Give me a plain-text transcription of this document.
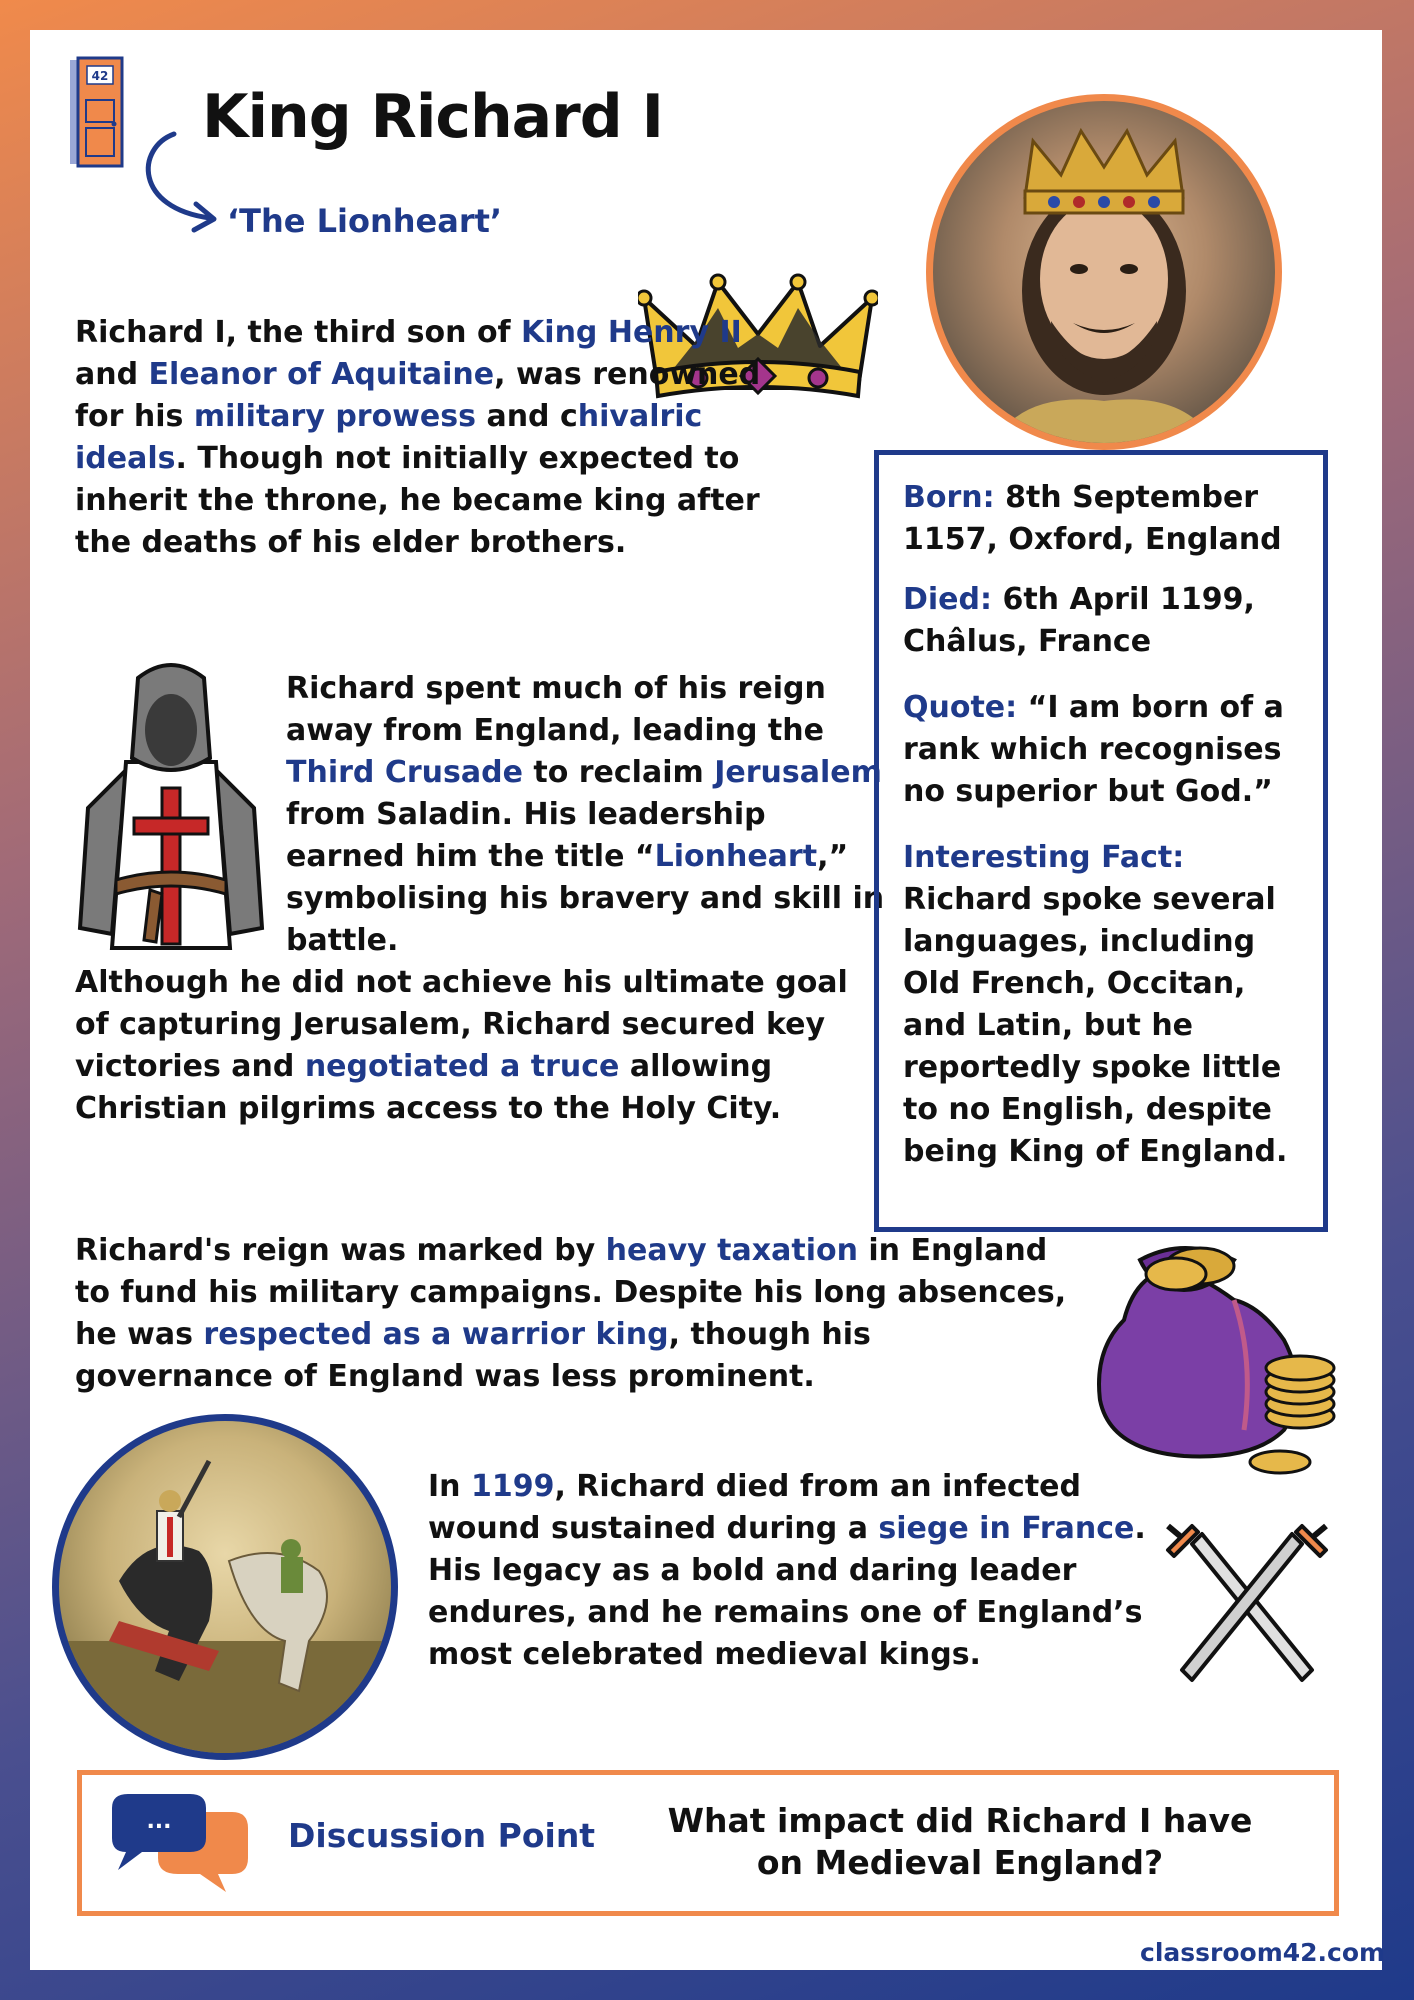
42
King Richard I
‘The Lionheart’
Richard I, the third son of King Henry II and Eleanor of Aquitaine, was renowned for his military prowess and chivalric ideals. Though not initially expected to inherit the throne, he became king after the deaths of his elder brothers.
Richard spent much of his reign away from England, leading the Third Crusade to reclaim Jerusalem from Saladin. His leadership earned him the title “Lionheart,” symbolising his bravery and skill in battle.
Although he did not achieve his ultimate goal of capturing Jerusalem, Richard secured key victories and negotiated a truce allowing Christian pilgrims access to the Holy City.
Born: 8th September 1157, Oxford, England
Died: 6th April 1199, Châlus, France
Quote: “I am born of a rank which recognises no superior but God.”
Interesting Fact:
Richard spoke several languages, including Old French, Occitan, and Latin, but he reportedly spoke little to no English, despite being King of England.
Richard's reign was marked by heavy taxation in England to fund his military campaigns. Despite his long absences, he was respected as a warrior king, though his governance of England was less prominent.
In 1199, Richard died from an infected wound sustained during a siege in France. His legacy as a bold and daring leader endures, and he remains one of England’s most celebrated medieval kings.
...	Discussion Point	What impact did Richard I have on Medieval England?
classroom42.com
